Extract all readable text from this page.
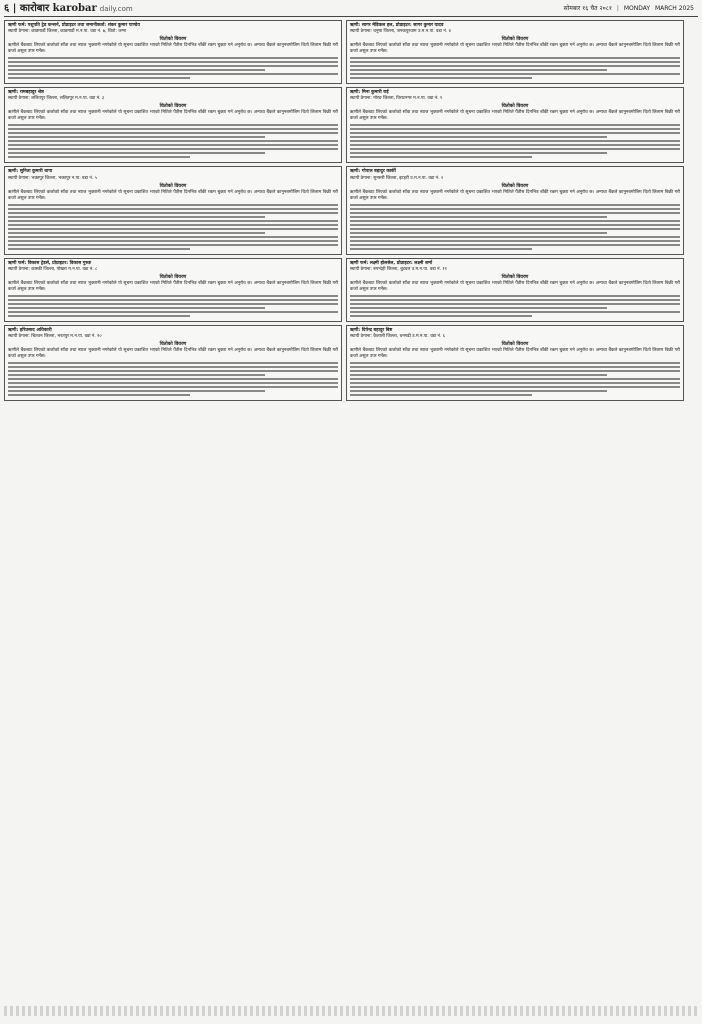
६ | कारोबार karobar daily.com	सोमबार १६ चैत २०८१ | MONDAY MARCH 2025
ऋणी फर्म: पशुपति ट्रेड कन्सर्न, प्रोप्राइटर तथा जमानीकर्ता: शंकर कुमार पाण्डेय
स्थायी ठेगाना: काठमाडौं जिल्ला, काठमाडौं म.न.पा. वडा नं. ७, धितो: जग्गा
धितोको विवरण
ऋणीले बैंकबाट लिएको कर्जाको साँवा तथा ब्याज भुक्तानी नगरेकोले यो सूचना प्रकाशित भएको मितिले पैंतीस दिनभित्र बाँकी रकम चुक्ता गर्न अनुरोध छ। अन्यथा बैंकले कानुनबमोजिम धितो लिलाम बिक्री गरी कर्जा असुल उपर गर्नेछ।
ऋणी: रामबहादुर श्रेष्ठ
स्थायी ठेगाना: ललितपुर जिल्ला, ललितपुर म.न.पा. वडा नं. ३
धितोको विवरण
ऋणीले बैंकबाट लिएको कर्जाको साँवा तथा ब्याज भुक्तानी नगरेकोले यो सूचना प्रकाशित भएको मितिले पैंतीस दिनभित्र बाँकी रकम चुक्ता गर्न अनुरोध छ। अन्यथा बैंकले कानुनबमोजिम धितो लिलाम बिक्री गरी कर्जा असुल उपर गर्नेछ।
ऋणी: सुनिता कुमारी थापा
स्थायी ठेगाना: भक्तपुर जिल्ला, भक्तपुर न.पा. वडा नं. ५
धितोको विवरण
ऋणीले बैंकबाट लिएको कर्जाको साँवा तथा ब्याज भुक्तानी नगरेकोले यो सूचना प्रकाशित भएको मितिले पैंतीस दिनभित्र बाँकी रकम चुक्ता गर्न अनुरोध छ। अन्यथा बैंकले कानुनबमोजिम धितो लिलाम बिक्री गरी कर्जा असुल उपर गर्नेछ।
ऋणी फर्म: विकास ट्रेडर्स, प्रोप्राइटर: विकास गुरुङ
स्थायी ठेगाना: कास्की जिल्ला, पोखरा म.न.पा. वडा नं. ८
धितोको विवरण
ऋणीले बैंकबाट लिएको कर्जाको साँवा तथा ब्याज भुक्तानी नगरेकोले यो सूचना प्रकाशित भएको मितिले पैंतीस दिनभित्र बाँकी रकम चुक्ता गर्न अनुरोध छ। अन्यथा बैंकले कानुनबमोजिम धितो लिलाम बिक्री गरी कर्जा असुल उपर गर्नेछ।
ऋणी: हरिप्रसाद अधिकारी
स्थायी ठेगाना: चितवन जिल्ला, भरतपुर म.न.पा. वडा नं. १०
धितोको विवरण
ऋणीले बैंकबाट लिएको कर्जाको साँवा तथा ब्याज भुक्तानी नगरेकोले यो सूचना प्रकाशित भएको मितिले पैंतीस दिनभित्र बाँकी रकम चुक्ता गर्न अनुरोध छ। अन्यथा बैंकले कानुनबमोजिम धितो लिलाम बिक्री गरी कर्जा असुल उपर गर्नेछ।
ऋणी: सागर मेडिकल हल, प्रोप्राइटर: सागर कुमार यादव
स्थायी ठेगाना: धनुषा जिल्ला, जनकपुरधाम उ.म.न.पा. वडा नं. ४
धितोको विवरण
ऋणीले बैंकबाट लिएको कर्जाको साँवा तथा ब्याज भुक्तानी नगरेकोले यो सूचना प्रकाशित भएको मितिले पैंतीस दिनभित्र बाँकी रकम चुक्ता गर्न अनुरोध छ। अन्यथा बैंकले कानुनबमोजिम धितो लिलाम बिक्री गरी कर्जा असुल उपर गर्नेछ।
ऋणी: मिना कुमारी राई
स्थायी ठेगाना: मोरङ जिल्ला, विराटनगर म.न.पा. वडा नं. ९
धितोको विवरण
ऋणीले बैंकबाट लिएको कर्जाको साँवा तथा ब्याज भुक्तानी नगरेकोले यो सूचना प्रकाशित भएको मितिले पैंतीस दिनभित्र बाँकी रकम चुक्ता गर्न अनुरोध छ। अन्यथा बैंकले कानुनबमोजिम धितो लिलाम बिक्री गरी कर्जा असुल उपर गर्नेछ।
ऋणी: गोपाल बहादुर कार्की
स्थायी ठेगाना: सुनसरी जिल्ला, इटहरी उ.म.न.पा. वडा नं. २
धितोको विवरण
ऋणीले बैंकबाट लिएको कर्जाको साँवा तथा ब्याज भुक्तानी नगरेकोले यो सूचना प्रकाशित भएको मितिले पैंतीस दिनभित्र बाँकी रकम चुक्ता गर्न अनुरोध छ। अन्यथा बैंकले कानुनबमोजिम धितो लिलाम बिक्री गरी कर्जा असुल उपर गर्नेछ।
ऋणी फर्म: लक्ष्मी होलसेल, प्रोप्राइटर: लक्ष्मी शर्मा
स्थायी ठेगाना: रुपन्देही जिल्ला, बुटवल उ.म.न.पा. वडा नं. ११
धितोको विवरण
ऋणीले बैंकबाट लिएको कर्जाको साँवा तथा ब्याज भुक्तानी नगरेकोले यो सूचना प्रकाशित भएको मितिले पैंतीस दिनभित्र बाँकी रकम चुक्ता गर्न अनुरोध छ। अन्यथा बैंकले कानुनबमोजिम धितो लिलाम बिक्री गरी कर्जा असुल उपर गर्नेछ।
ऋणी: दिपेन्द्र बहादुर बिष्ट
स्थायी ठेगाना: कैलाली जिल्ला, धनगढी उ.म.न.पा. वडा नं. ६
धितोको विवरण
ऋणीले बैंकबाट लिएको कर्जाको साँवा तथा ब्याज भुक्तानी नगरेकोले यो सूचना प्रकाशित भएको मितिले पैंतीस दिनभित्र बाँकी रकम चुक्ता गर्न अनुरोध छ। अन्यथा बैंकले कानुनबमोजिम धितो लिलाम बिक्री गरी कर्जा असुल उपर गर्नेछ।
